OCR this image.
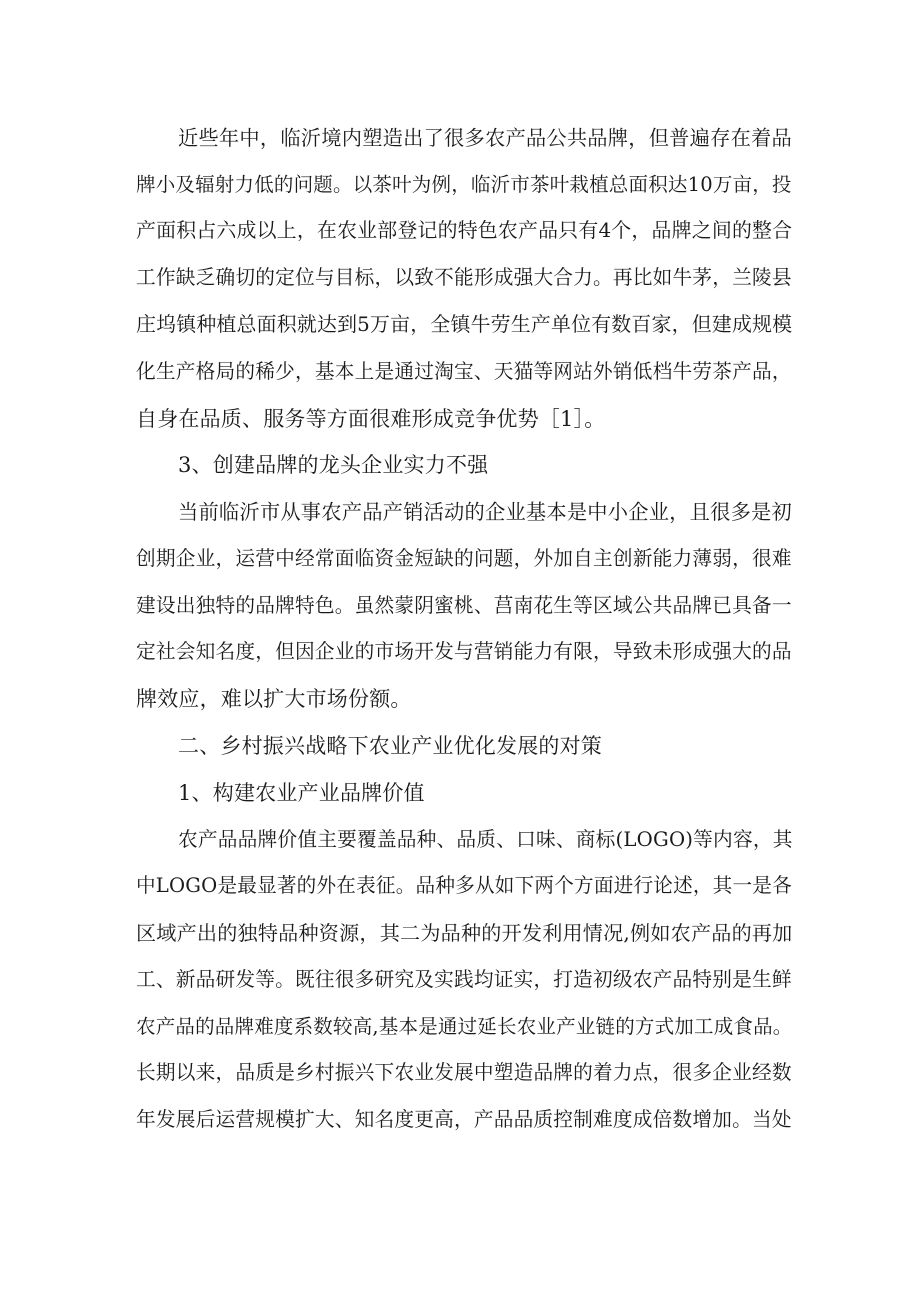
近些年中，临沂境内塑造出了很多农产品公共品牌，但普遍存在着品
牌小及辐射力低的问题。以茶叶为例，临沂市茶叶栽植总面积达10万亩，投
产面积占六成以上，在农业部登记的特色农产品只有4个，品牌之间的整合
工作缺乏确切的定位与目标，以致不能形成强大合力。再比如牛茅，兰陵县
庄坞镇种植总面积就达到5万亩，全镇牛劳生产单位有数百家，但建成规模
化生产格局的稀少，基本上是通过淘宝、天猫等网站外销低档牛劳茶产品，
自身在品质、服务等方面很难形成竞争优势［1］。
3、创建品牌的龙头企业实力不强
当前临沂市从事农产品产销活动的企业基本是中小企业，且很多是初
创期企业，运营中经常面临资金短缺的问题，外加自主创新能力薄弱，很难
建设出独特的品牌特色。虽然蒙阴蜜桃、莒南花生等区域公共品牌已具备一
定社会知名度，但因企业的市场开发与营销能力有限，导致未形成强大的品
牌效应，难以扩大市场份额。
二、乡村振兴战略下农业产业优化发展的对策
1、构建农业产业品牌价值
农产品品牌价值主要覆盖品种、品质、口味、商标(LOGO)等内容，其
中LOGO是最显著的外在表征。品种多从如下两个方面进行论述，其一是各
区域产出的独特品种资源，其二为品种的开发利用情况,例如农产品的再加
工、新品研发等。既往很多研究及实践均证实，打造初级农产品特别是生鲜
农产品的品牌难度系数较高,基本是通过延长农业产业链的方式加工成食品。
长期以来，品质是乡村振兴下农业发展中塑造品牌的着力点，很多企业经数
年发展后运营规模扩大、知名度更高，产品品质控制难度成倍数增加。当处
